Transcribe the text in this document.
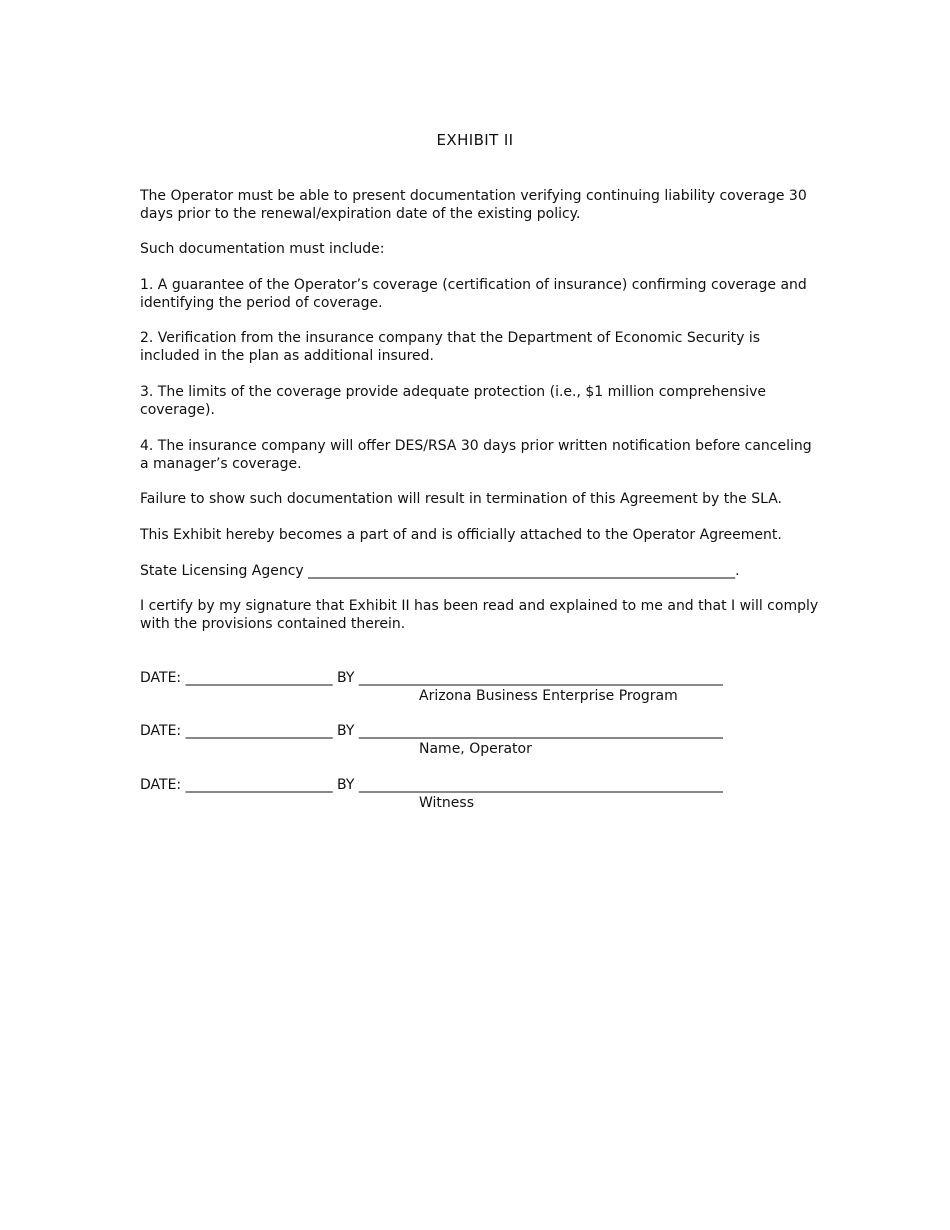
EXHIBIT II
The Operator must be able to present documentation verifying continuing liability coverage 30 days prior to the renewal/expiration date of the existing policy.
Such documentation must include:
1. A guarantee of the Operator’s coverage (certification of insurance) confirming coverage and identifying the period of coverage.
2. Verification from the insurance company that the Department of Economic Security is included in the plan as additional insured.
3. The limits of the coverage provide adequate protection (i.e., $1 million comprehensive coverage).
4. The insurance company will offer DES/RSA 30 days prior written notification before canceling a manager’s coverage.
Failure to show such documentation will result in termination of this Agreement by the SLA.
This Exhibit hereby becomes a part of and is officially attached to the Operator Agreement.
State Licensing Agency _____________________________________________________________.
I certify by my signature that Exhibit II has been read and explained to me and that I will comply with the provisions contained therein.
DATE: _____________________ BY ____________________________________________________
Arizona Business Enterprise Program
DATE: _____________________ BY ____________________________________________________
Name, Operator
DATE: _____________________ BY ____________________________________________________
Witness
